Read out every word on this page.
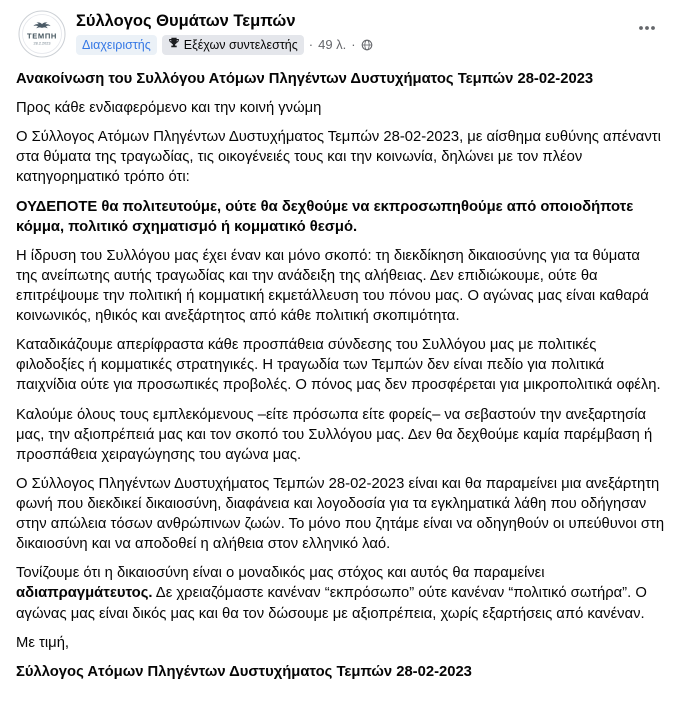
ΤΕΜΠΗ
28.2.2023
Σύλλογος Θυμάτων Τεμπών
Διαχειριστής	Εξέχων συντελεστής · 49 λ. ·
Ανακοίνωση του Συλλόγου Ατόμων Πληγέντων Δυστυχήματος Τεμπών 28-02-2023
Προς κάθε ενδιαφερόμενο και την κοινή γνώμη
Ο Σύλλογος Ατόμων Πληγέντων Δυστυχήματος Τεμπών 28-02-2023, με αίσθημα ευθύνης απέναντι στα θύματα της τραγωδίας, τις οικογένειές τους και την κοινωνία, δηλώνει με τον πλέον κατηγορηματικό τρόπο ότι:
ΟΥΔΕΠΟΤΕ θα πολιτευτούμε, ούτε θα δεχθούμε να εκπροσωπηθούμε από οποιοδήποτε κόμμα, πολιτικό σχηματισμό ή κομματικό θεσμό.
Η ίδρυση του Συλλόγου μας έχει έναν και μόνο σκοπό: τη διεκδίκηση δικαιοσύνης για τα θύματα της ανείπωτης αυτής τραγωδίας και την ανάδειξη της αλήθειας. Δεν επιδιώκουμε, ούτε θα επιτρέψουμε την πολιτική ή κομματική εκμετάλλευση του πόνου μας. Ο αγώνας μας είναι καθαρά κοινωνικός, ηθικός και ανεξάρτητος από κάθε πολιτική σκοπιμότητα.
Καταδικάζουμε απερίφραστα κάθε προσπάθεια σύνδεσης του Συλλόγου μας με πολιτικές φιλοδοξίες ή κομματικές στρατηγικές. Η τραγωδία των Τεμπών δεν είναι πεδίο για πολιτικά παιχνίδια ούτε για προσωπικές προβολές. Ο πόνος μας δεν προσφέρεται για μικροπολιτικά οφέλη.
Καλούμε όλους τους εμπλεκόμενους –είτε πρόσωπα είτε φορείς– να σεβαστούν την ανεξαρτησία μας, την αξιοπρέπειά μας και τον σκοπό του Συλλόγου μας. Δεν θα δεχθούμε καμία παρέμβαση ή προσπάθεια χειραγώγησης του αγώνα μας.
Ο Σύλλογος Πληγέντων Δυστυχήματος Τεμπών 28-02-2023 είναι και θα παραμείνει μια ανεξάρτητη φωνή που διεκδικεί δικαιοσύνη, διαφάνεια και λογοδοσία για τα εγκληματικά λάθη που οδήγησαν στην απώλεια τόσων ανθρώπινων ζωών. Το μόνο που ζητάμε είναι να οδηγηθούν οι υπεύθυνοι στη δικαιοσύνη και να αποδοθεί η αλήθεια στον ελληνικό λαό.
Τονίζουμε ότι η δικαιοσύνη είναι ο μοναδικός μας στόχος και αυτός θα παραμείνει αδιαπραγμάτευτος. Δε χρειαζόμαστε κανέναν “εκπρόσωπο” ούτε κανέναν “πολιτικό σωτήρα”. Ο αγώνας μας είναι δικός μας και θα τον δώσουμε με αξιοπρέπεια, χωρίς εξαρτήσεις από κανέναν.
Με τιμή,
Σύλλογος Ατόμων Πληγέντων Δυστυχήματος Τεμπών 28-02-2023
